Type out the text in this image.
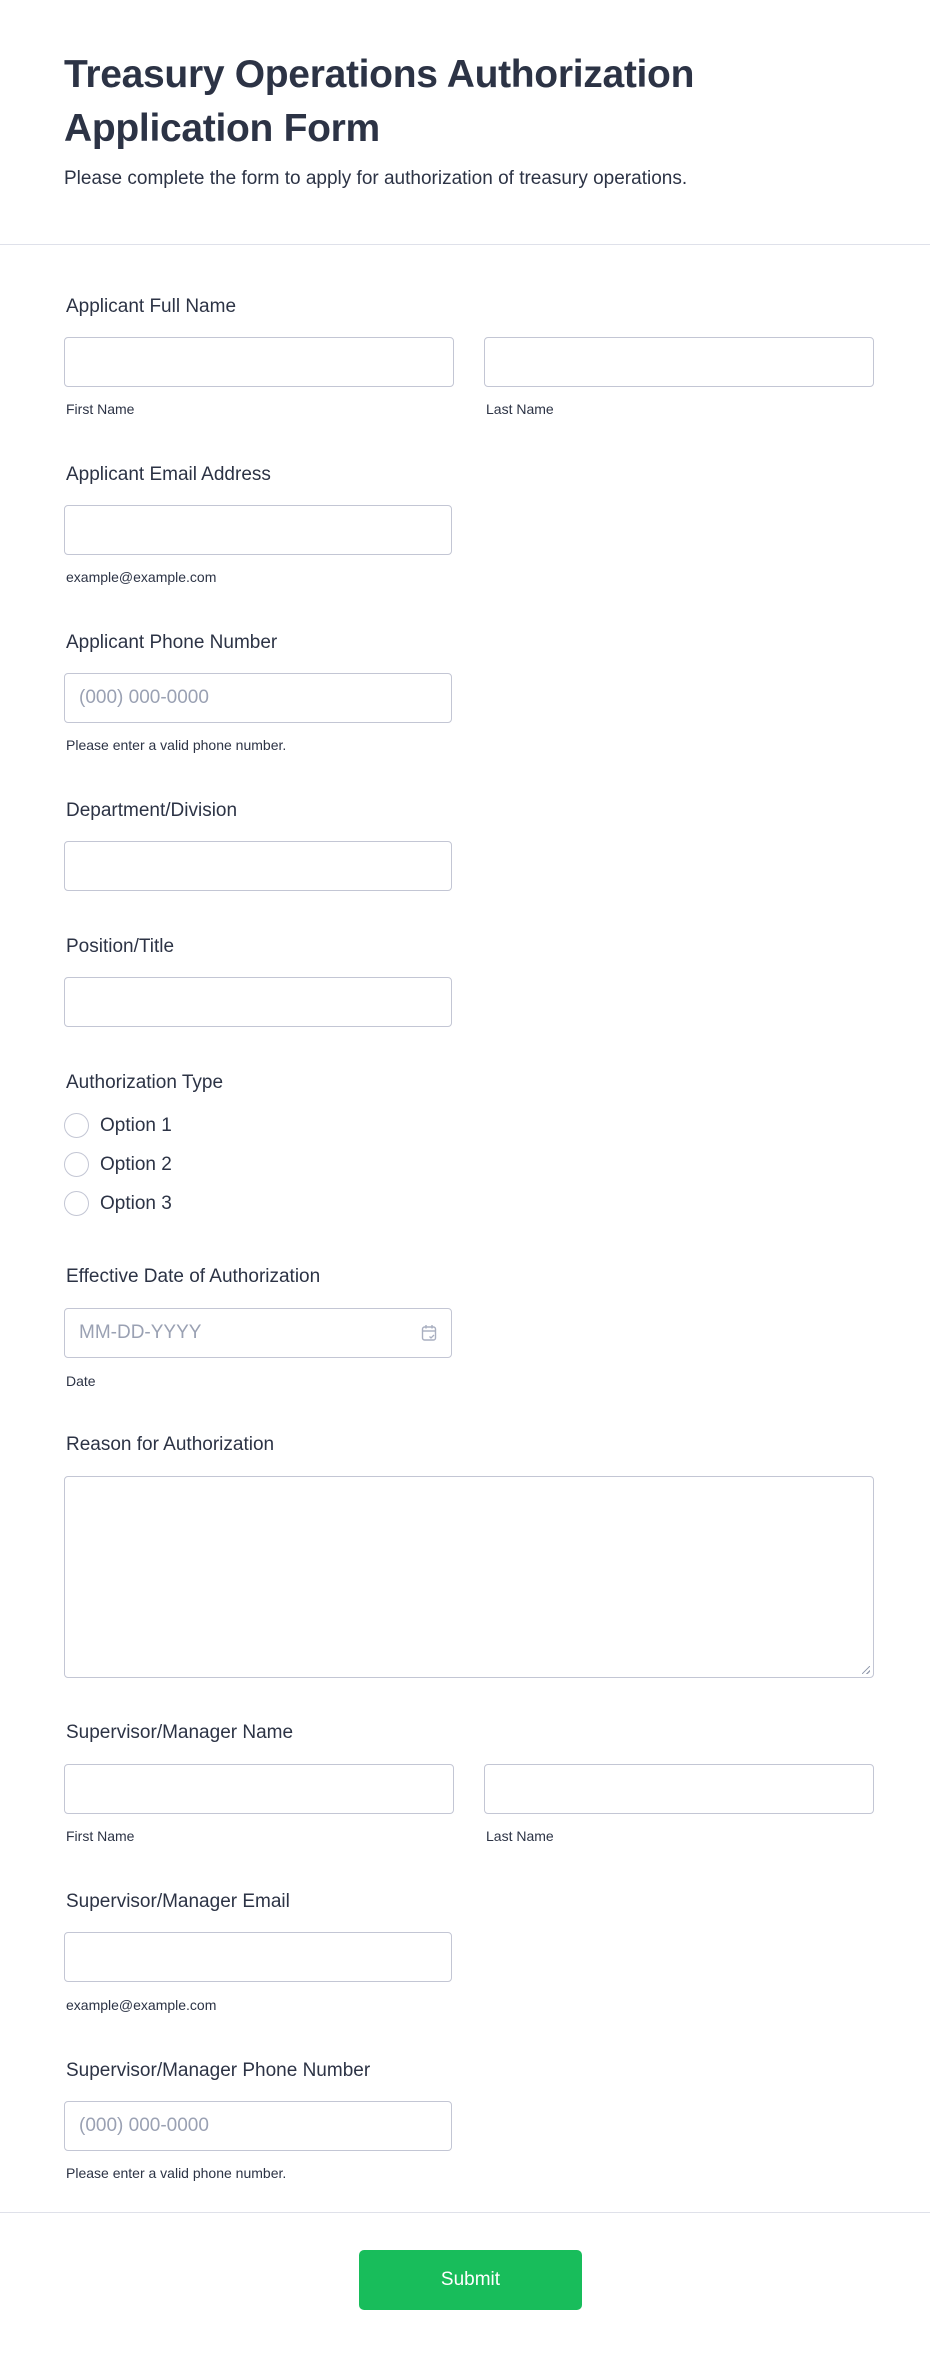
Treasury Operations Authorization Application Form
Please complete the form to apply for authorization of treasury operations.
Applicant Full Name
First Name	Last Name
Applicant Email Address
example@example.com
Applicant Phone Number
(000) 000-0000
Please enter a valid phone number.
Department/Division
Position/Title
Authorization Type
Option 1
Option 2
Option 3
Effective Date of Authorization
MM-DD-YYYY
Date
Reason for Authorization
Supervisor/Manager Name
First Name	Last Name
Supervisor/Manager Email
example@example.com
Supervisor/Manager Phone Number
(000) 000-0000
Please enter a valid phone number.
Submit
